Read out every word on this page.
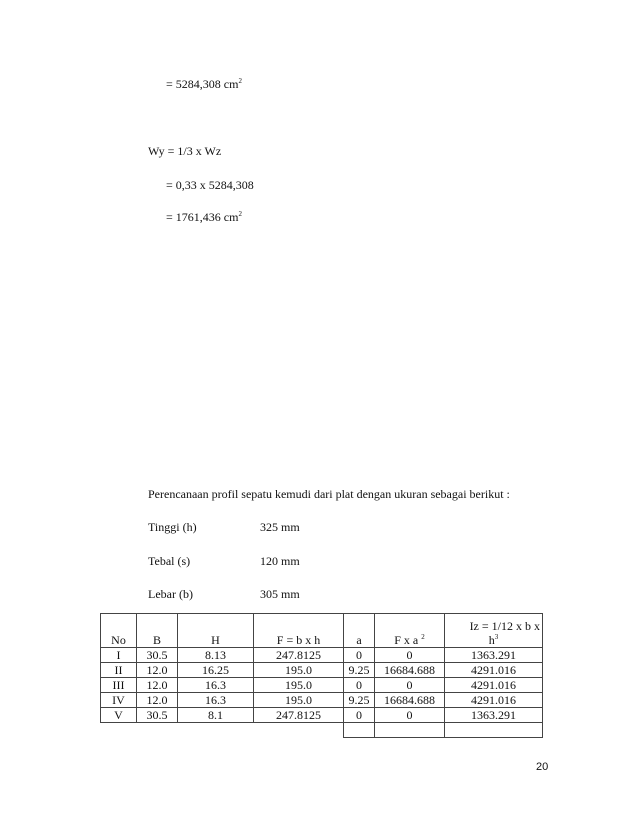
= 5284,308 $cm^2$
Wy = 1/3 x Wz
= 0,33 x 5284,308
= 1761,436 $cm^2$
Perencanaan profil sepatu kemudi dari plat dengan ukuran sebagai berikut :
Tinggi (h)	325 mm
Tebal (s)	120 mm
Lebar (b)	305 mm
No	B	H	F = b x h	a	F x a $^2$	Iz = 1/12 x b x
$h^3$
I	30.5	8.13	247.8125	0	0	1363.291
II	12.0	16.25	195.0	9.25	16684.688	4291.016
III	12.0	16.3	195.0	0	0	4291.016
IV	12.0	16.3	195.0	9.25	16684.688	4291.016
V	30.5	8.1	247.8125	0	0	1363.291

20
